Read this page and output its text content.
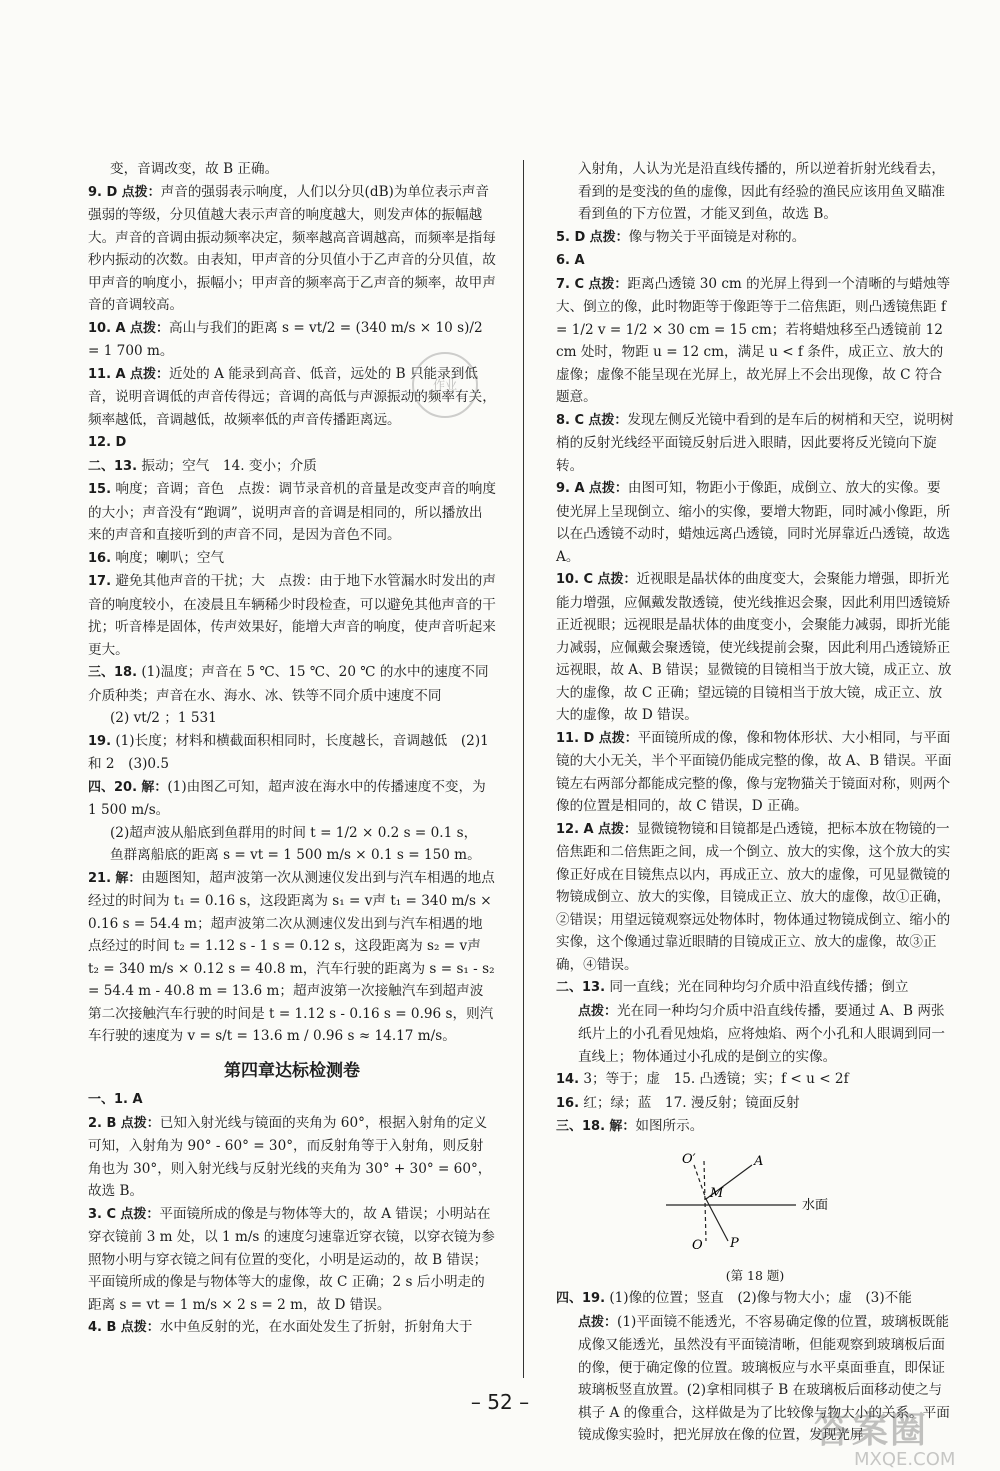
变，音调改变，故 B 正确。

9. D 点拨：声音的强弱表示响度，人们以分贝(dB)为单位表示声音强弱的等级，分贝值越大表示声音的响度越大，则发声体的振幅越大。声音的音调由振动频率决定，频率越高音调越高，而频率是指每秒内振动的次数。由表知，甲声音的分贝值小于乙声音的分贝值，故甲声音的响度小，振幅小；甲声音的频率高于乙声音的频率，故甲声音的音调较高。

10. A 点拨：高山与我们的距离 s = vt/2 = (340 m/s × 10 s)/2 = 1 700 m。

11. A 点拨：近处的 A 能录到高音、低音，远处的 B 只能录到低音，说明音调低的声音传得远；音调的高低与声源振动的频率有关，频率越低，音调越低，故频率低的声音传播距离远。

12. D

二、13. 振动；空气　14. 变小；介质

15. 响度；音调；音色　点拨：调节录音机的音量是改变声音的响度的大小；声音没有“跑调”，说明声音的音调是相同的，所以播放出来的声音和直接听到的声音不同，是因为音色不同。

16. 响度；喇叭；空气

17. 避免其他声音的干扰；大　点拨：由于地下水管漏水时发出的声音的响度较小，在凌晨且车辆稀少时段检查，可以避免其他声音的干扰；听音棒是固体，传声效果好，能增大声音的响度，使声音听起来更大。

三、18. (1)温度；声音在 5 ℃、15 ℃、20 ℃ 的水中的速度不同　介质种类；声音在水、海水、冰、铁等不同介质中速度不同

(2) vt/2 ；1 531

19. (1)长度；材料和横截面积相同时，长度越长，音调越低　(2)1 和 2　(3)0.5

四、20. 解：(1)由图乙可知，超声波在海水中的传播速度不变，为 1 500 m/s。

(2)超声波从船底到鱼群用的时间 t = 1/2 × 0.2 s = 0.1 s，

鱼群离船底的距离 s = vt = 1 500 m/s × 0.1 s = 150 m。

21. 解：由题图知，超声波第一次从测速仪发出到与汽车相遇的地点经过的时间为 t₁ = 0.16 s，这段距离为 s₁ = v声 t₁ = 340 m/s × 0.16 s = 54.4 m；超声波第二次从测速仪发出到与汽车相遇的地点经过的时间 t₂ = 1.12 s - 1 s = 0.12 s，这段距离为 s₂ = v声 t₂ = 340 m/s × 0.12 s = 40.8 m，汽车行驶的距离为 s = s₁ - s₂ = 54.4 m - 40.8 m = 13.6 m；超声波第一次接触汽车到超声波第二次接触汽车行驶的时间是 t = 1.12 s - 0.16 s = 0.96 s，则汽车行驶的速度为 v = s/t = 13.6 m / 0.96 s ≈ 14.17 m/s。

第四章达标检测卷

一、1. A

2. B 点拨：已知入射光线与镜面的夹角为 60°，根据入射角的定义可知，入射角为 90° - 60° = 30°，而反射角等于入射角，则反射角也为 30°，则入射光线与反射光线的夹角为 30° + 30° = 60°，故选 B。

3. C 点拨：平面镜所成的像是与物体等大的，故 A 错误；小明站在穿衣镜前 3 m 处，以 1 m/s 的速度匀速靠近穿衣镜，以穿衣镜为参照物小明与穿衣镜之间有位置的变化，小明是运动的，故 B 错误；平面镜所成的像是与物体等大的虚像，故 C 正确；2 s 后小明走的距离 s = vt = 1 m/s × 2 s = 2 m，故 D 错误。

4. B 点拨：水中鱼反射的光，在水面处发生了折射，折射角大于

入射角，人认为光是沿直线传播的，所以逆着折射光线看去，看到的是变浅的鱼的虚像，因此有经验的渔民应该用鱼叉瞄准看到鱼的下方位置，才能叉到鱼，故选 B。

5. D 点拨：像与物关于平面镜是对称的。

6. A

7. C 点拨：距离凸透镜 30 cm 的光屏上得到一个清晰的与蜡烛等大、倒立的像，此时物距等于像距等于二倍焦距，则凸透镜焦距 f = 1/2 v = 1/2 × 30 cm = 15 cm；若将蜡烛移至凸透镜前 12 cm 处时，物距 u = 12 cm，满足 u < f 条件，成正立、放大的虚像；虚像不能呈现在光屏上，故光屏上不会出现像，故 C 符合题意。

8. C 点拨：发现左侧反光镜中看到的是车后的树梢和天空，说明树梢的反射光线经平面镜反射后进入眼睛，因此要将反光镜向下旋转。

9. A 点拨：由图可知，物距小于像距，成倒立、放大的实像。要使光屏上呈现倒立、缩小的实像，要增大物距，同时减小像距，所以在凸透镜不动时，蜡烛远离凸透镜，同时光屏靠近凸透镜，故选 A。

10. C 点拨：近视眼是晶状体的曲度变大，会聚能力增强，即折光能力增强，应佩戴发散透镜，使光线推迟会聚，因此利用凹透镜矫正近视眼；远视眼是晶状体的曲度变小，会聚能力减弱，即折光能力减弱，应佩戴会聚透镜，使光线提前会聚，因此利用凸透镜矫正远视眼，故 A、B 错误；显微镜的目镜相当于放大镜，成正立、放大的虚像，故 C 正确；望远镜的目镜相当于放大镜，成正立、放大的虚像，故 D 错误。

11. D 点拨：平面镜所成的像，像和物体形状、大小相同，与平面镜的大小无关，半个平面镜仍能成完整的像，故 A、B 错误。平面镜左右两部分都能成完整的像，像与宠物猫关于镜面对称，则两个像的位置是相同的，故 C 错误，D 正确。

12. A 点拨：显微镜物镜和目镜都是凸透镜，把标本放在物镜的一倍焦距和二倍焦距之间，成一个倒立、放大的实像，这个放大的实像正好成在目镜焦点以内，再成正立、放大的虚像，可见显微镜的物镜成倒立、放大的实像，目镜成正立、放大的虚像，故①正确，②错误；用望远镜观察远处物体时，物体通过物镜成倒立、缩小的实像，这个像通过靠近眼睛的目镜成正立、放大的虚像，故③正确，④错误。

二、13. 同一直线；光在同种均匀介质中沿直线传播；倒立

点拨：光在同一种均匀介质中沿直线传播，要通过 A、B 两张纸片上的小孔看见烛焰，应将烛焰、两个小孔和人眼调到同一直线上；物体通过小孔成的是倒立的实像。

14. 3；等于；虚　15. 凸透镜；实；f < u < 2f

16. 红；绿；蓝　17. 漫反射；镜面反射

三、18. 解：如图所示。

O′	A
M
O P
水面
(第 18 题)

四、19. (1)像的位置；竖直　(2)像与物大小；虚　(3)不能

点拨：(1)平面镜不能透光，不容易确定像的位置，玻璃板既能成像又能透光，虽然没有平面镜清晰，但能观察到玻璃板后面的像，便于确定像的位置。玻璃板应与水平桌面垂直，即保证玻璃板竖直放置。(2)拿相同棋子 B 在玻璃板后面移动使之与棋子 A 的像重合，这样做是为了比较像与物大小的关系。平面镜成像实验时，把光屏放在像的位置，发现光屏

作业
– 52 –
答案圈
MXQE.COM
